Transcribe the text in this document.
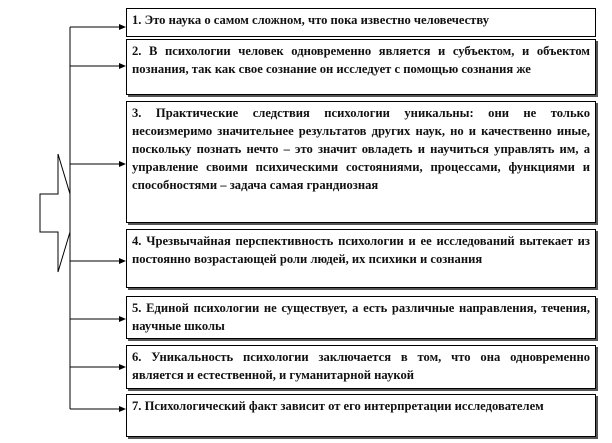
1. Это наука о самом сложном, что пока известно человечеству
2. В психологии человек одновременно является и субъектом, и объектом познания, так как свое сознание он исследует с помощью сознания же
3. Практические следствия психологии уникальны: они не только несоизмеримо значительнее результатов других наук, но и качественно иные, поскольку познать нечто – это значит овладеть и научиться управлять им, а управление своими психическими состояниями, процессами, функциями и способностями – задача самая грандиозная
4. Чрезвычайная перспективность психологии и ее исследований вытекает из постоянно возрастающей роли людей, их психики и сознания
5. Единой психологии не существует, а есть различные направления, течения, научные школы
6. Уникальность психологии заключается в том, что она одновременно является и естественной, и гуманитарной наукой
7. Психологический факт зависит от его интерпретации исследователем
